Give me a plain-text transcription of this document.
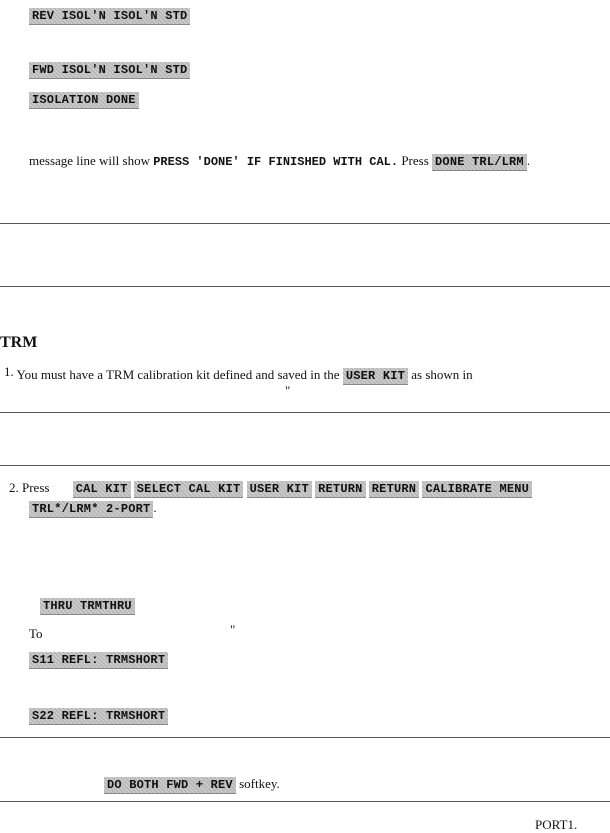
REV ISOL'N ISOL'N STD
FWD ISOL'N ISOL'N STD
ISOLATION DONE
message line will show PRESS 'DONE' IF FINISHED WITH CAL. Press DONE TRL/LRM .
TRM
1. You must have a TRM calibration kit defined and saved in the USER KIT as shown in
"
2. Press CAL KIT SELECT CAL KIT USER KIT RETURN RETURN CALIBRATE MENU
TRL*/LRM* 2-PORT .
THRU TRMTHRU
To	"
S11 REFL: TRMSHORT
S22 REFL: TRMSHORT
DO BOTH FWD + REV softkey.
PORT1.
